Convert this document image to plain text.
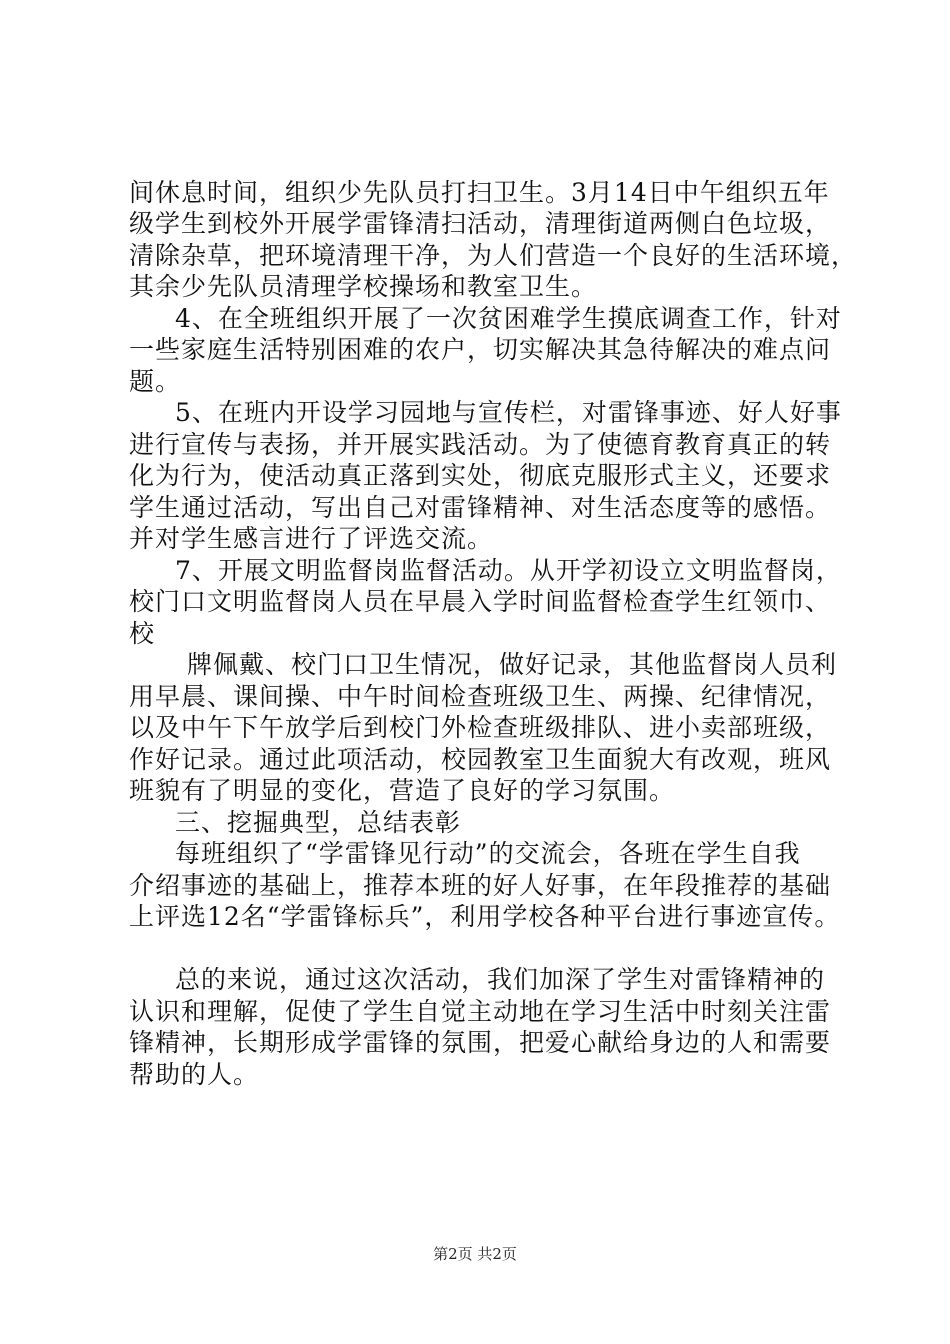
间休息时间，组织少先队员打扫卫生。3月14日中午组织五年
级学生到校外开展学雷锋清扫活动，清理街道两侧白色垃圾，
清除杂草，把环境清理干净，为人们营造一个良好的生活环境，
其余少先队员清理学校操场和教室卫生。
4、在全班组织开展了一次贫困难学生摸底调查工作，针对
一些家庭生活特别困难的农户，切实解决其急待解决的难点问
题。
5、在班内开设学习园地与宣传栏，对雷锋事迹、好人好事
进行宣传与表扬，并开展实践活动。为了使德育教育真正的转
化为行为，使活动真正落到实处，彻底克服形式主义，还要求
学生通过活动，写出自己对雷锋精神、对生活态度等的感悟。
并对学生感言进行了评选交流。
7、开展文明监督岗监督活动。从开学初设立文明监督岗，
校门口文明监督岗人员在早晨入学时间监督检查学生红领巾、
校
牌佩戴、校门口卫生情况，做好记录，其他监督岗人员利
用早晨、课间操、中午时间检查班级卫生、两操、纪律情况，
以及中午下午放学后到校门外检查班级排队、进小卖部班级，
作好记录。通过此项活动，校园教室卫生面貌大有改观，班风
班貌有了明显的变化，营造了良好的学习氛围。
三、挖掘典型，总结表彰
每班组织了“学雷锋见行动”的交流会，各班在学生自我
介绍事迹的基础上，推荐本班的好人好事，在年段推荐的基础
上评选12名“学雷锋标兵”，利用学校各种平台进行事迹宣传。
总的来说，通过这次活动，我们加深了学生对雷锋精神的
认识和理解，促使了学生自觉主动地在学习生活中时刻关注雷
锋精神，长期形成学雷锋的氛围，把爱心献给身边的人和需要
帮助的人。
第2页 共2页
